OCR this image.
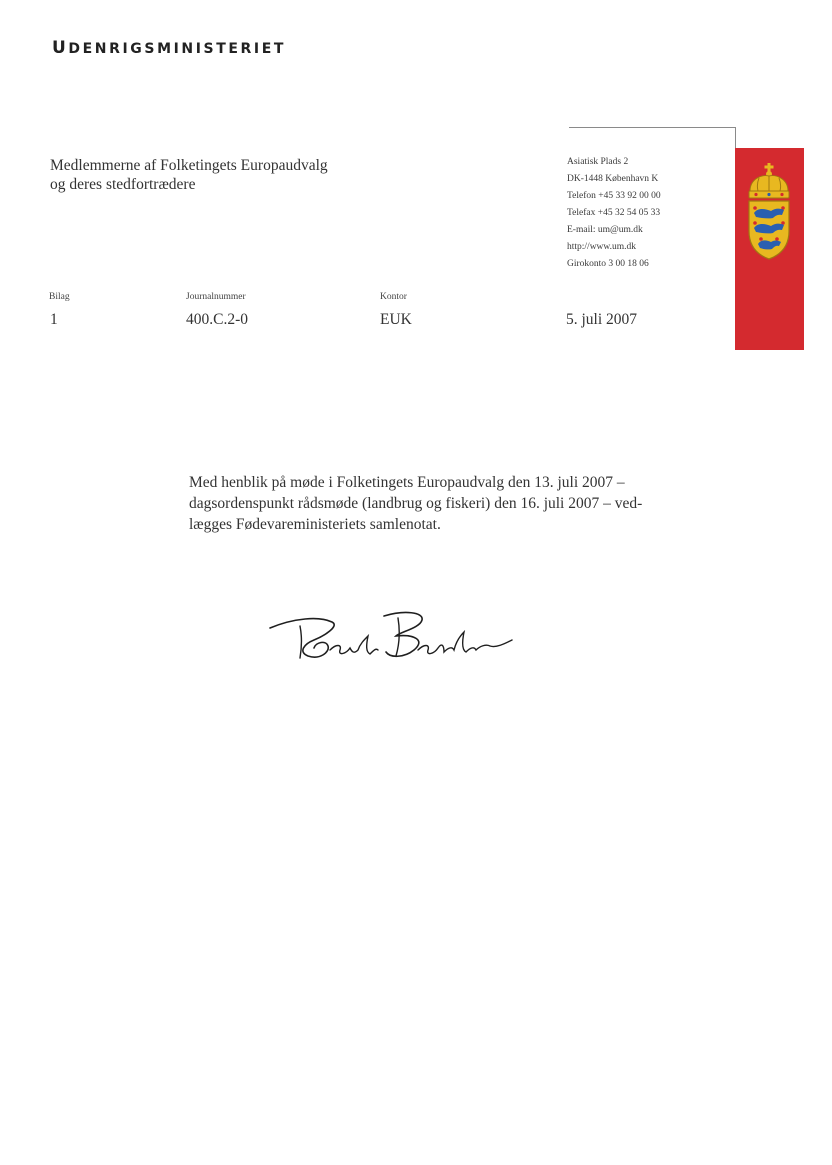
UDENRIGSMINISTERIET
Medlemmerne af Folketingets Europaudvalg
og deres stedfortrædere
Asiatisk Plads 2
DK-1448 København K
Telefon +45 33 92 00 00
Telefax +45 32 54 05 33
E-mail: um@um.dk
http://www.um.dk
Girokonto 3 00 18 06
Bilag
1
Journalnummer
400.C.2-0
Kontor
EUK	5. juli 2007
Med henblik på møde i Folketingets Europaudvalg den 13. juli 2007 –
dagsordenspunkt rådsmøde (landbrug og fiskeri) den 16. juli 2007 – ved-
lægges Fødevareministeriets samlenotat.
